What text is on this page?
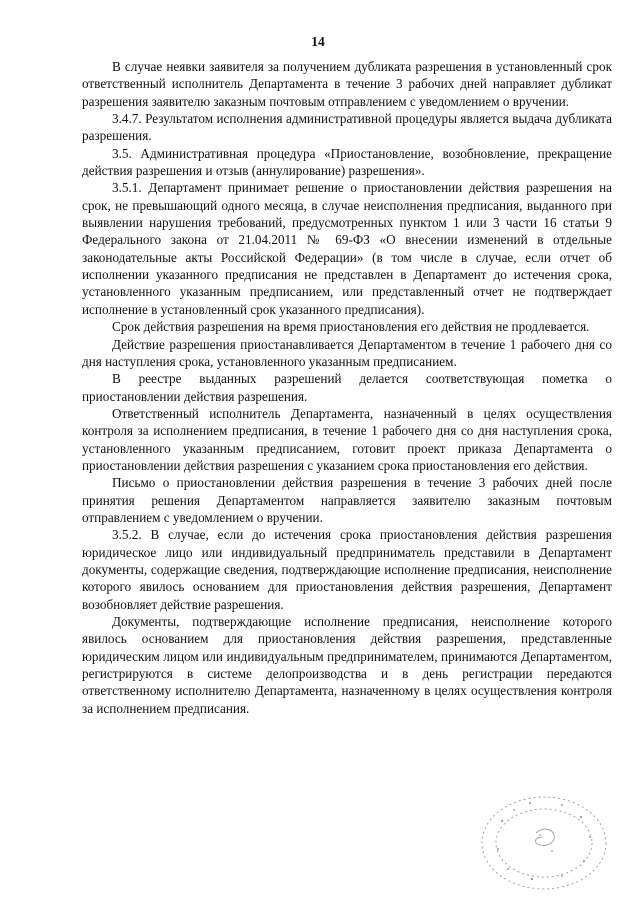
14

В случае неявки заявителя за получением дубликата разрешения в установленный срок ответственный исполнитель Департамента в течение 3 рабочих дней направляет дубликат разрешения заявителю заказным почтовым отправлением с уведомлением о вручении.

3.4.7. Результатом исполнения административной процедуры является выдача дубликата разрешения.

3.5. Административная процедура «Приостановление, возобновление, прекращение действия разрешения и отзыв (аннулирование) разрешения».

3.5.1. Департамент принимает решение о приостановлении действия разрешения на срок, не превышающий одного месяца, в случае неисполнения предписания, выданного при выявлении нарушения требований, предусмотренных пунктом 1 или 3 части 16 статьи 9 Федерального закона от 21.04.2011 № 69-ФЗ «О внесении изменений в отдельные законодательные акты Российской Федерации» (в том числе в случае, если отчет об исполнении указанного предписания не представлен в Департамент до истечения срока, установленного указанным предписанием, или представленный отчет не подтверждает исполнение в установленный срок указанного предписания).

Срок действия разрешения на время приостановления его действия не продлевается.

Действие разрешения приостанавливается Департаментом в течение 1 рабочего дня со дня наступления срока, установленного указанным предписанием.

В реестре выданных разрешений делается соответствующая пометка о приостановлении действия разрешения.

Ответственный исполнитель Департамента, назначенный в целях осуществления контроля за исполнением предписания, в течение 1 рабочего дня со дня наступления срока, установленного указанным предписанием, готовит проект приказа Департамента о приостановлении действия разрешения с указанием срока приостановления его действия.

Письмо о приостановлении действия разрешения в течение 3 рабочих дней после принятия решения Департаментом направляется заявителю заказным почтовым отправлением с уведомлением о вручении.

3.5.2. В случае, если до истечения срока приостановления действия разрешения юридическое лицо или индивидуальный предприниматель представили в Департамент документы, содержащие сведения, подтверждающие исполнение предписания, неисполнение которого явилось основанием для приостановления действия разрешения, Департамент возобновляет действие разрешения.

Документы, подтверждающие исполнение предписания, неисполнение которого явилось основанием для приостановления действия разрешения, представленные юридическим лицом или индивидуальным предпринимателем, принимаются Департаментом, регистрируются в системе делопроизводства и в день регистрации передаются ответственному исполнителю Департамента, назначенному в целях осуществления контроля за исполнением предписания.
